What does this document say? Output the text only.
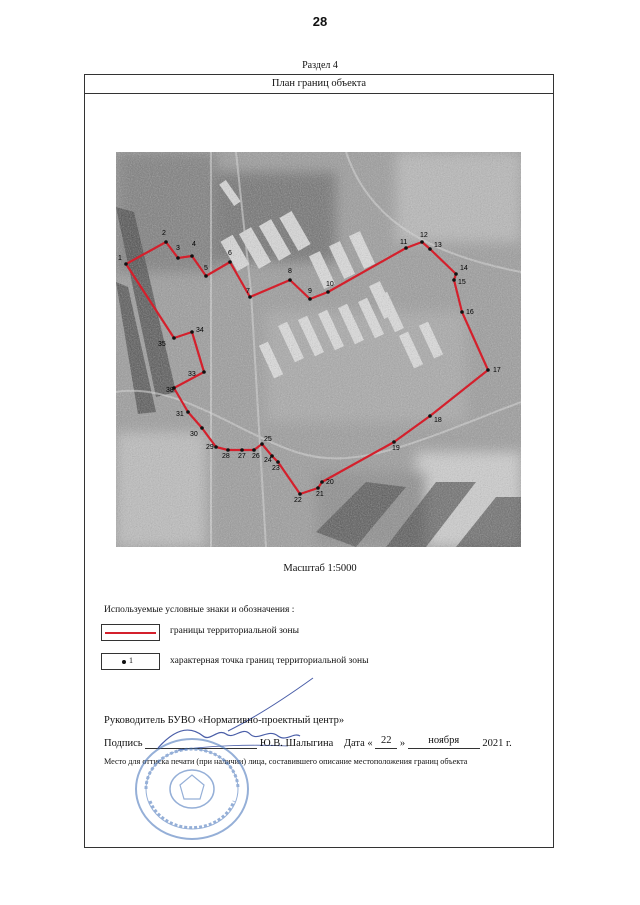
28
Раздел 4
План границ объекта
1
2
3
4
5
6
7
8
9
10
11
12
13
14
15
16
17
18
19
20
21
22
23
24
25
26
27
28
29
30
31
33
34
35
38
Масштаб 1:5000
Используемые условные знаки и обозначения :
границы территориальной зоны
1	характерная точка границ территориальной зоны
Руководитель БУВО «Нормативно-проектный центр»
Подпись	Ю.В. Шалыгина Дата « 22 » ноября 2021 г.
Место для оттиска печати (при наличии) лица, составившего описание местоположения границ объекта
